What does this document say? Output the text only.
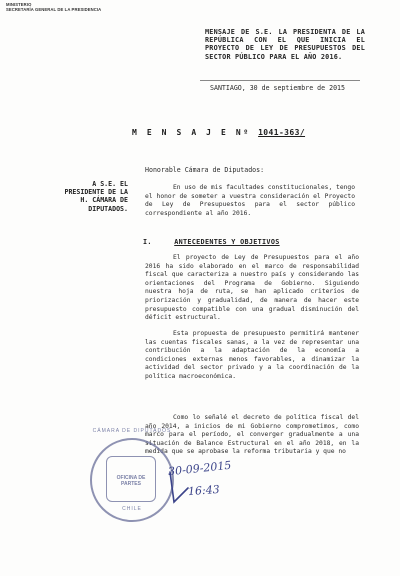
MINISTERIO
SECRETARÍA GENERAL DE LA PRESIDENCIA
MENSAJE DE S.E. LA PRESIDENTA DE LA REPÚBLICA CON EL QUE INICIA EL PROYECTO DE LEY DE PRESUPUESTOS DEL SECTOR PÚBLICO PARA EL AÑO 2016.
SANTIAGO, 30 de septiembre de 2015
M E N S A J E Nº 1041-363/
Honorable Cámara de Diputados:
A S.E. EL PRESIDENTE DE LA H. CÁMARA DE DIPUTADOS.
En uso de mis facultades constitucionales, tengo el honor de someter a vuestra consideración el Proyecto de Ley de Presupuestos para el sector público correspondiente al año 2016.
I.	ANTECEDENTES Y OBJETIVOS
El proyecto de Ley de Presupuestos para el año 2016 ha sido elaborado en el marco de responsabilidad fiscal que caracteriza a nuestro país y considerando las orientaciones del Programa de Gobierno. Siguiendo nuestra hoja de ruta, se han aplicado criterios de priorización y gradualidad, de manera de hacer este presupuesto compatible con una gradual disminución del déficit estructural.
Esta propuesta de presupuesto permitirá mantener las cuentas fiscales sanas, a la vez de representar una contribución a la adaptación de la economía a condiciones externas menos favorables, a dinamizar la actividad del sector privado y a la coordinación de la política macroeconómica.
Como lo señalé el decreto de política fiscal del año 2014, a inicios de mi Gobierno comprometimos, como marco para el período, el converger gradualmente a una situación de Balance Estructural en el año 2018, en la medida que se aprobase la reforma tributaria y que no
CÁMARA DE DIPUTADOS
OFICINA DE PARTES
CHILE
30-09-2015
16:43
